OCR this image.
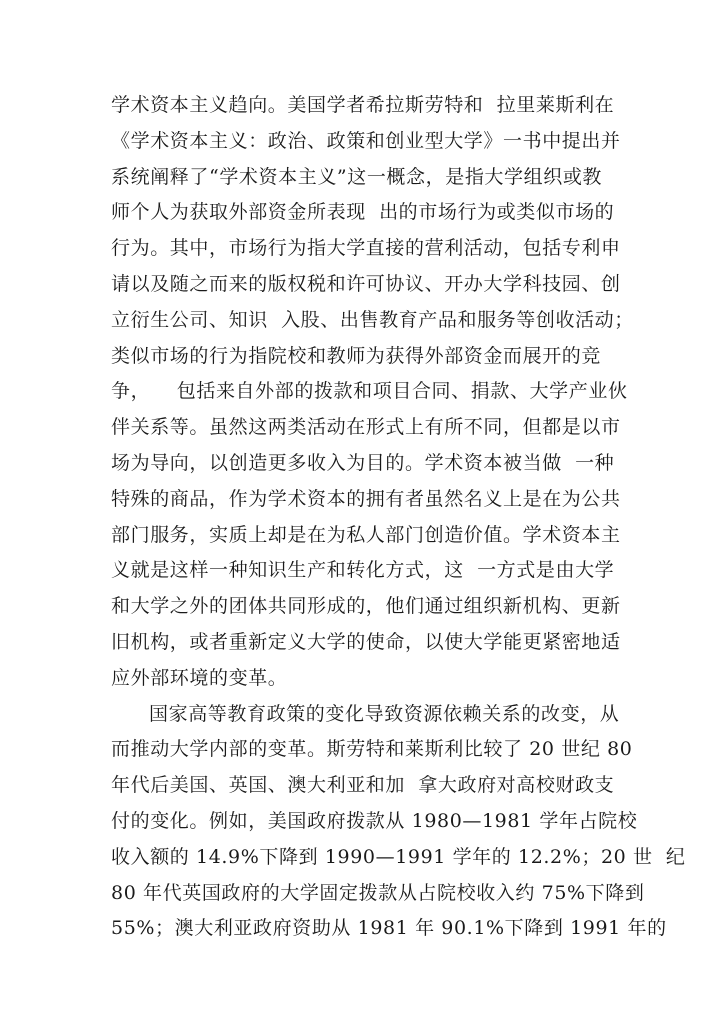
学术资本主义趋向。美国学者希拉斯劳特和  拉里莱斯利在
《学术资本主义：政治、政策和创业型大学》一书中提出并
系统阐释了“学术资本主义”这一概念，是指大学组织或教
师个人为获取外部资金所表现  出的市场行为或类似市场的
行为。其中，市场行为指大学直接的营利活动，包括专利申
请以及随之而来的版权税和许可协议、开办大学科技园、创
立衍生公司、知识  入股、出售教育产品和服务等创收活动；
类似市场的行为指院校和教师为获得外部资金而展开的竞
争，    包括来自外部的拨款和项目合同、捐款、大学产业伙
伴关系等。虽然这两类活动在形式上有所不同，但都是以市
场为导向，以创造更多收入为目的。学术资本被当做  一种
特殊的商品，作为学术资本的拥有者虽然名义上是在为公共
部门服务，实质上却是在为私人部门创造价值。学术资本主
义就是这样一种知识生产和转化方式，这  一方式是由大学
和大学之外的团体共同形成的，他们通过组织新机构、更新
旧机构，或者重新定义大学的使命，以使大学能更紧密地适
应外部环境的变革。
国家高等教育政策的变化导致资源依赖关系的改变，从
而推动大学内部的变革。斯劳特和莱斯利比较了 20 世纪 80
年代后美国、英国、澳大利亚和加  拿大政府对高校财政支
付的变化。例如，美国政府拨款从 1980—1981 学年占院校
收入额的 14.9%下降到 1990—1991 学年的 12.2%；20 世  纪
80 年代英国政府的大学固定拨款从占院校收入约 75%下降到
55%；澳大利亚政府资助从 1981 年 90.1%下降到 1991 年的
